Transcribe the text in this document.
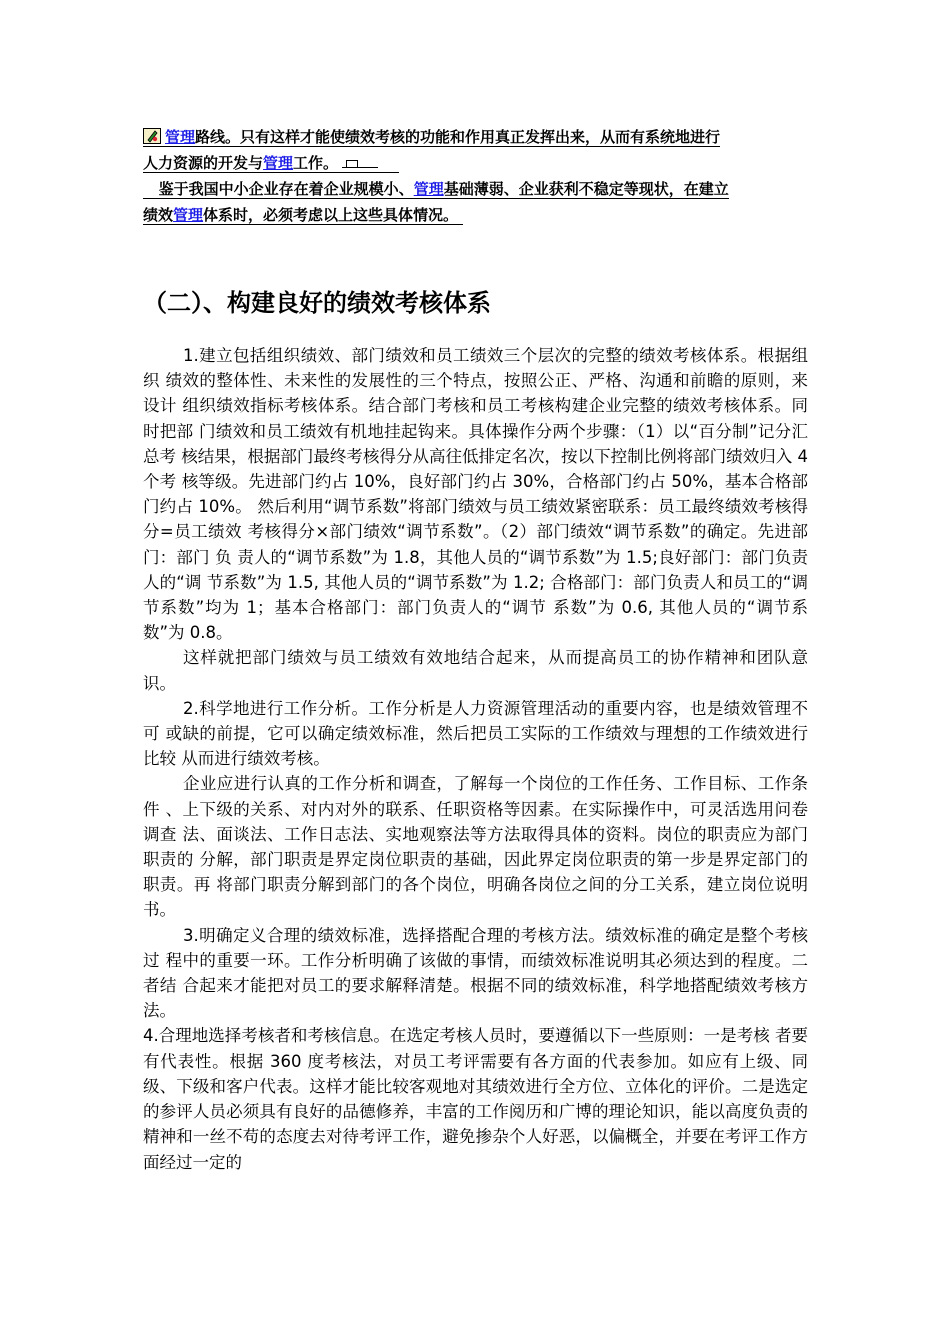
管理路线。只有这样才能使绩效考核的功能和作用真正发挥出来，从而有系统地进行
人力资源的开发与管理工作。
鉴于我国中小企业存在着企业规模小、管理基础薄弱、企业获利不稳定等现状，在建立
绩效管理体系时，必须考虑以上这些具体情况。
（二）、构建良好的绩效考核体系

1.建立包括组织绩效、部门绩效和员工绩效三个层次的完整的绩效考核体系。根据组织 绩效的整体性、未来性的发展性的三个特点，按照公正、严格、沟通和前瞻的原则，来设计 组织绩效指标考核体系。结合部门考核和员工考核构建企业完整的绩效考核体系。同时把部 门绩效和员工绩效有机地挂起钩来。具体操作分两个步骤：（1）以“百分制”记分汇总考 核结果，根据部门最终考核得分从高往低排定名次，按以下控制比例将部门绩效归入 4 个考 核等级。先进部门约占 10%，良好部门约占 30%，合格部门约占 50%，基本合格部门约占 10%。 然后利用“调节系数”将部门绩效与员工绩效紧密联系：员工最终绩效考核得分=员工绩效 考核得分×部门绩效“调节系数”。（2）部门绩效“调节系数”的确定。先进部门：部门 负 责人的“调节系数”为 1.8，其他人员的“调节系数”为 1.5;良好部门：部门负责人的“调 节系数”为 1.5, 其他人员的“调节系数”为 1.2; 合格部门：部门负责人和员工的“调节系数”均为 1；基本合格部门：部门负责人的“调节 系数”为 0.6, 其他人员的“调节系数”为 0.8。

这样就把部门绩效与员工绩效有效地结合起来，从而提高员工的协作精神和团队意识。

2.科学地进行工作分析。工作分析是人力资源管理活动的重要内容，也是绩效管理不可 或缺的前提，它可以确定绩效标准，然后把员工实际的工作绩效与理想的工作绩效进行比较 从而进行绩效考核。

企业应进行认真的工作分析和调查，了解每一个岗位的工作任务、工作目标、工作条件 、上下级的关系、对内对外的联系、任职资格等因素。在实际操作中，可灵活选用问卷调查 法、面谈法、工作日志法、实地观察法等方法取得具体的资料。岗位的职责应为部门职责的 分解，部门职责是界定岗位职责的基础，因此界定岗位职责的第一步是界定部门的职责。再 将部门职责分解到部门的各个岗位，明确各岗位之间的分工关系，建立岗位说明书。

3.明确定义合理的绩效标准，选择搭配合理的考核方法。绩效标准的确定是整个考核过 程中的重要一环。工作分析明确了该做的事情，而绩效标准说明其必须达到的程度。二者结 合起来才能把对员工的要求解释清楚。根据不同的绩效标准，科学地搭配绩效考核方法。

4.合理地选择考核者和考核信息。在选定考核人员时，要遵循以下一些原则：一是考核 者要有代表性。根据 360 度考核法，对员工考评需要有各方面的代表参加。如应有上级、同 级、下级和客户代表。这样才能比较客观地对其绩效进行全方位、立体化的评价。二是选定 的参评人员必须具有良好的品德修养，丰富的工作阅历和广博的理论知识，能以高度负责的 精神和一丝不苟的态度去对待考评工作，避免掺杂个人好恶，以偏概全，并要在考评工作方 面经过一定的
